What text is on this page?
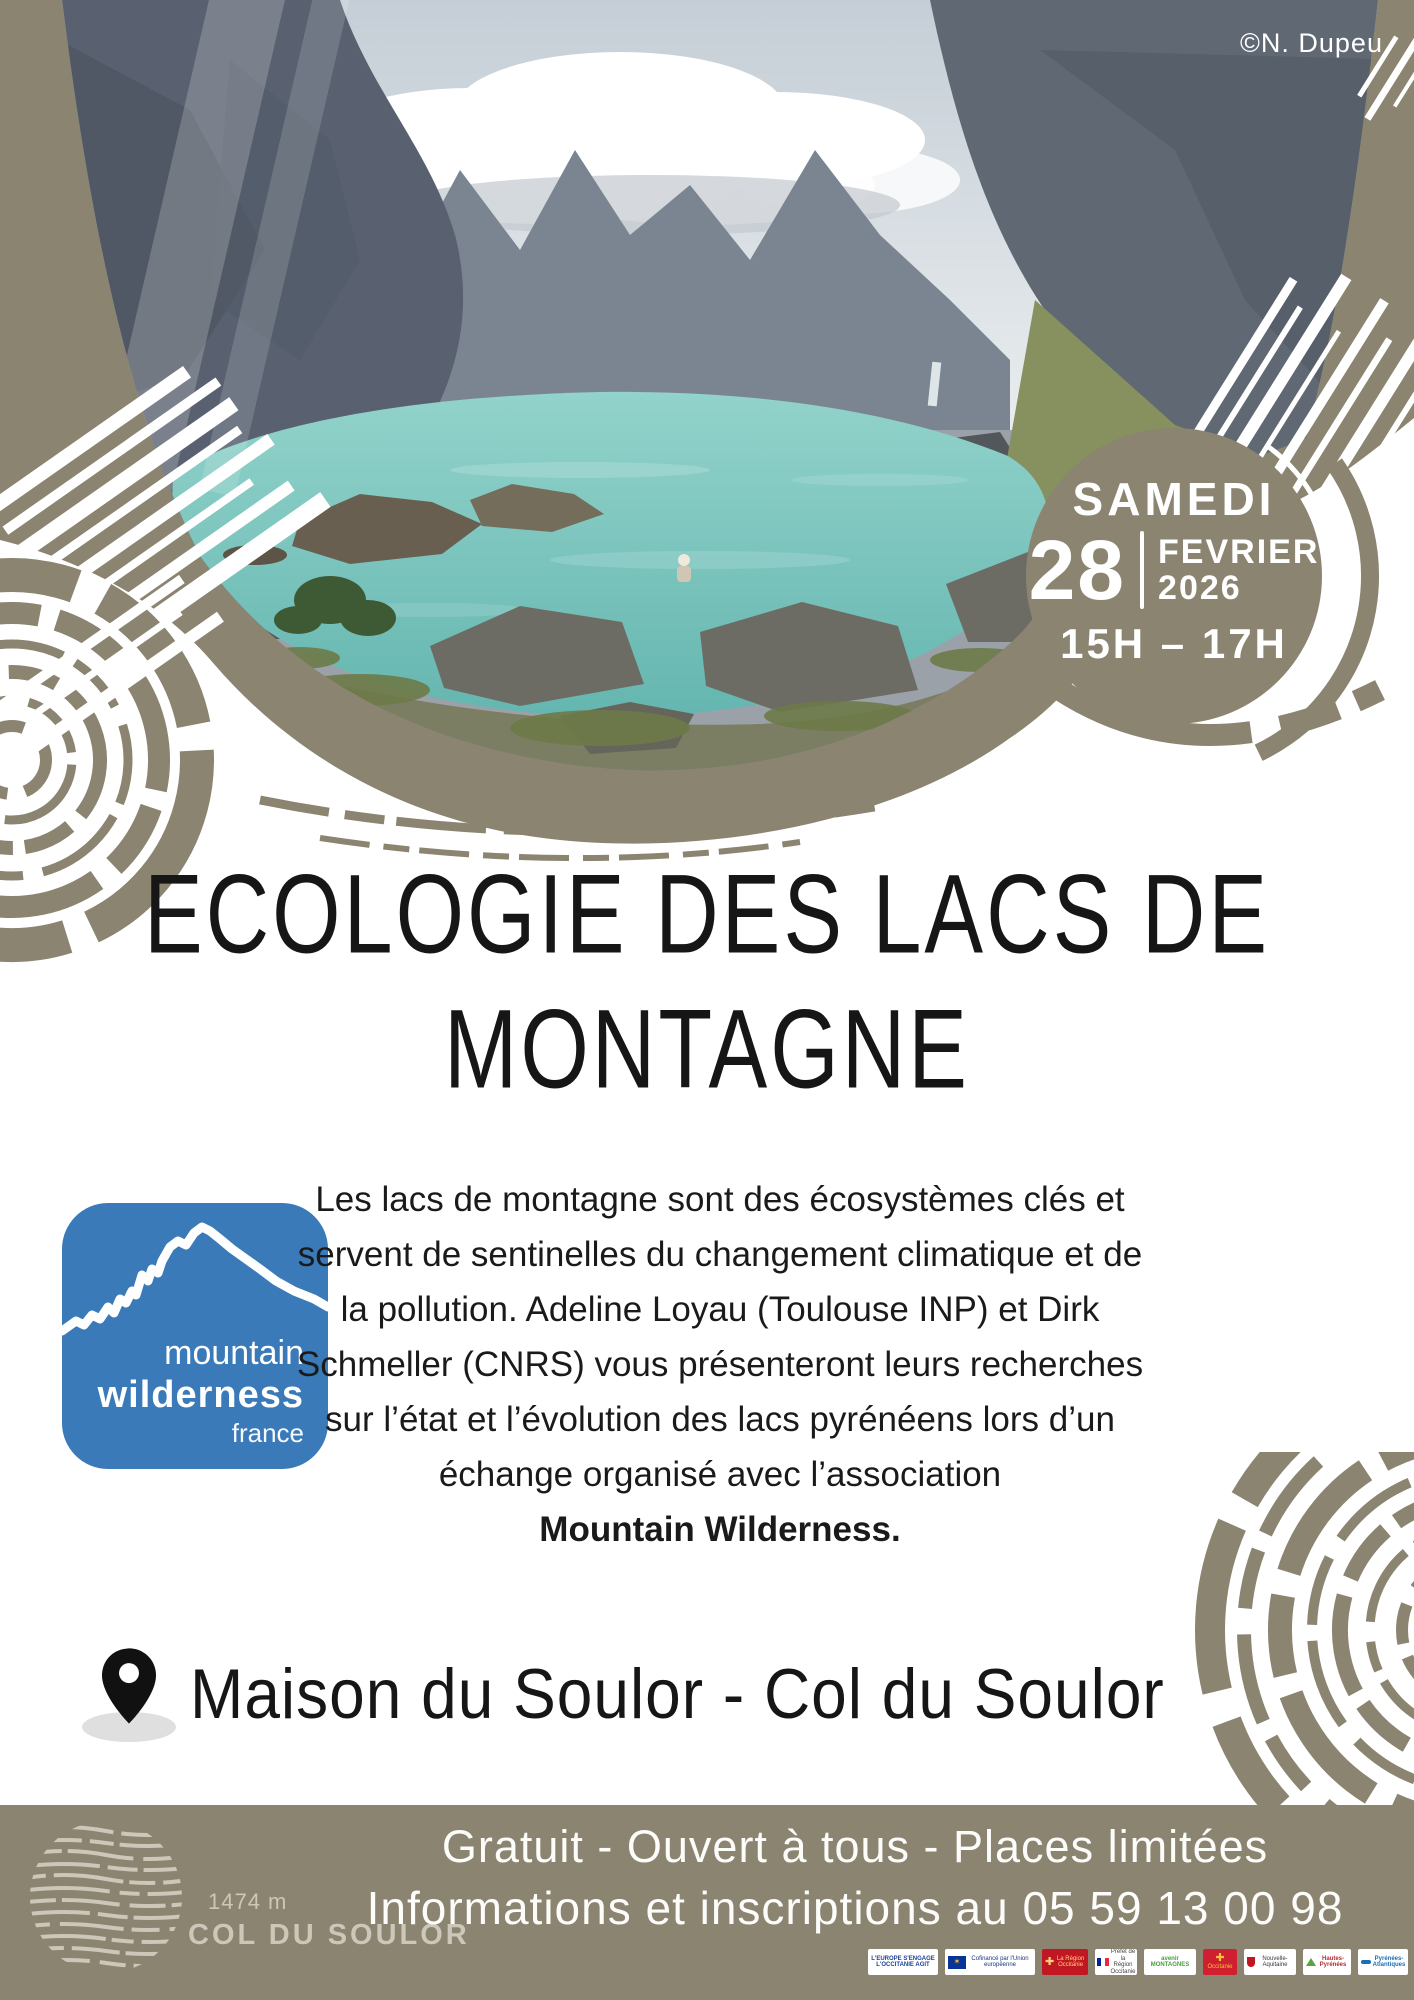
©N. Dupeu
SAMEDI
28 FEVRIER
2026
15H – 17H
ECOLOGIE DES LACS DE
MONTAGNE
mountain
wilderness
france
Les lacs de montagne sont des écosystèmes clés et
servent de sentinelles du changement climatique et de
la pollution. Adeline Loyau (Toulouse INP) et Dirk
Schmeller (CNRS) vous présenteront leurs recherches
sur l’état et l’évolution des lacs pyrénéens lors d’un
échange organisé avec l’association
Mountain Wilderness.
Maison du Soulor - Col du Soulor
1474 m
COL DU SOULOR
Gratuit - Ouvert à tous - Places limitées
Informations et inscriptions au 05 59 13 00 98
L'EUROPE S'ENGAGE L'OCCITANIE AGIT	✶	Cofinancé par l'Union européenne	✚ La Région Occitanie
Préfet de la Région Occitanie
avenir MONTAGNES
✚
Occitanie
Nouvelle-Aquitaine
Hautes-Pyrénées
Pyrénées-Atlantiques
